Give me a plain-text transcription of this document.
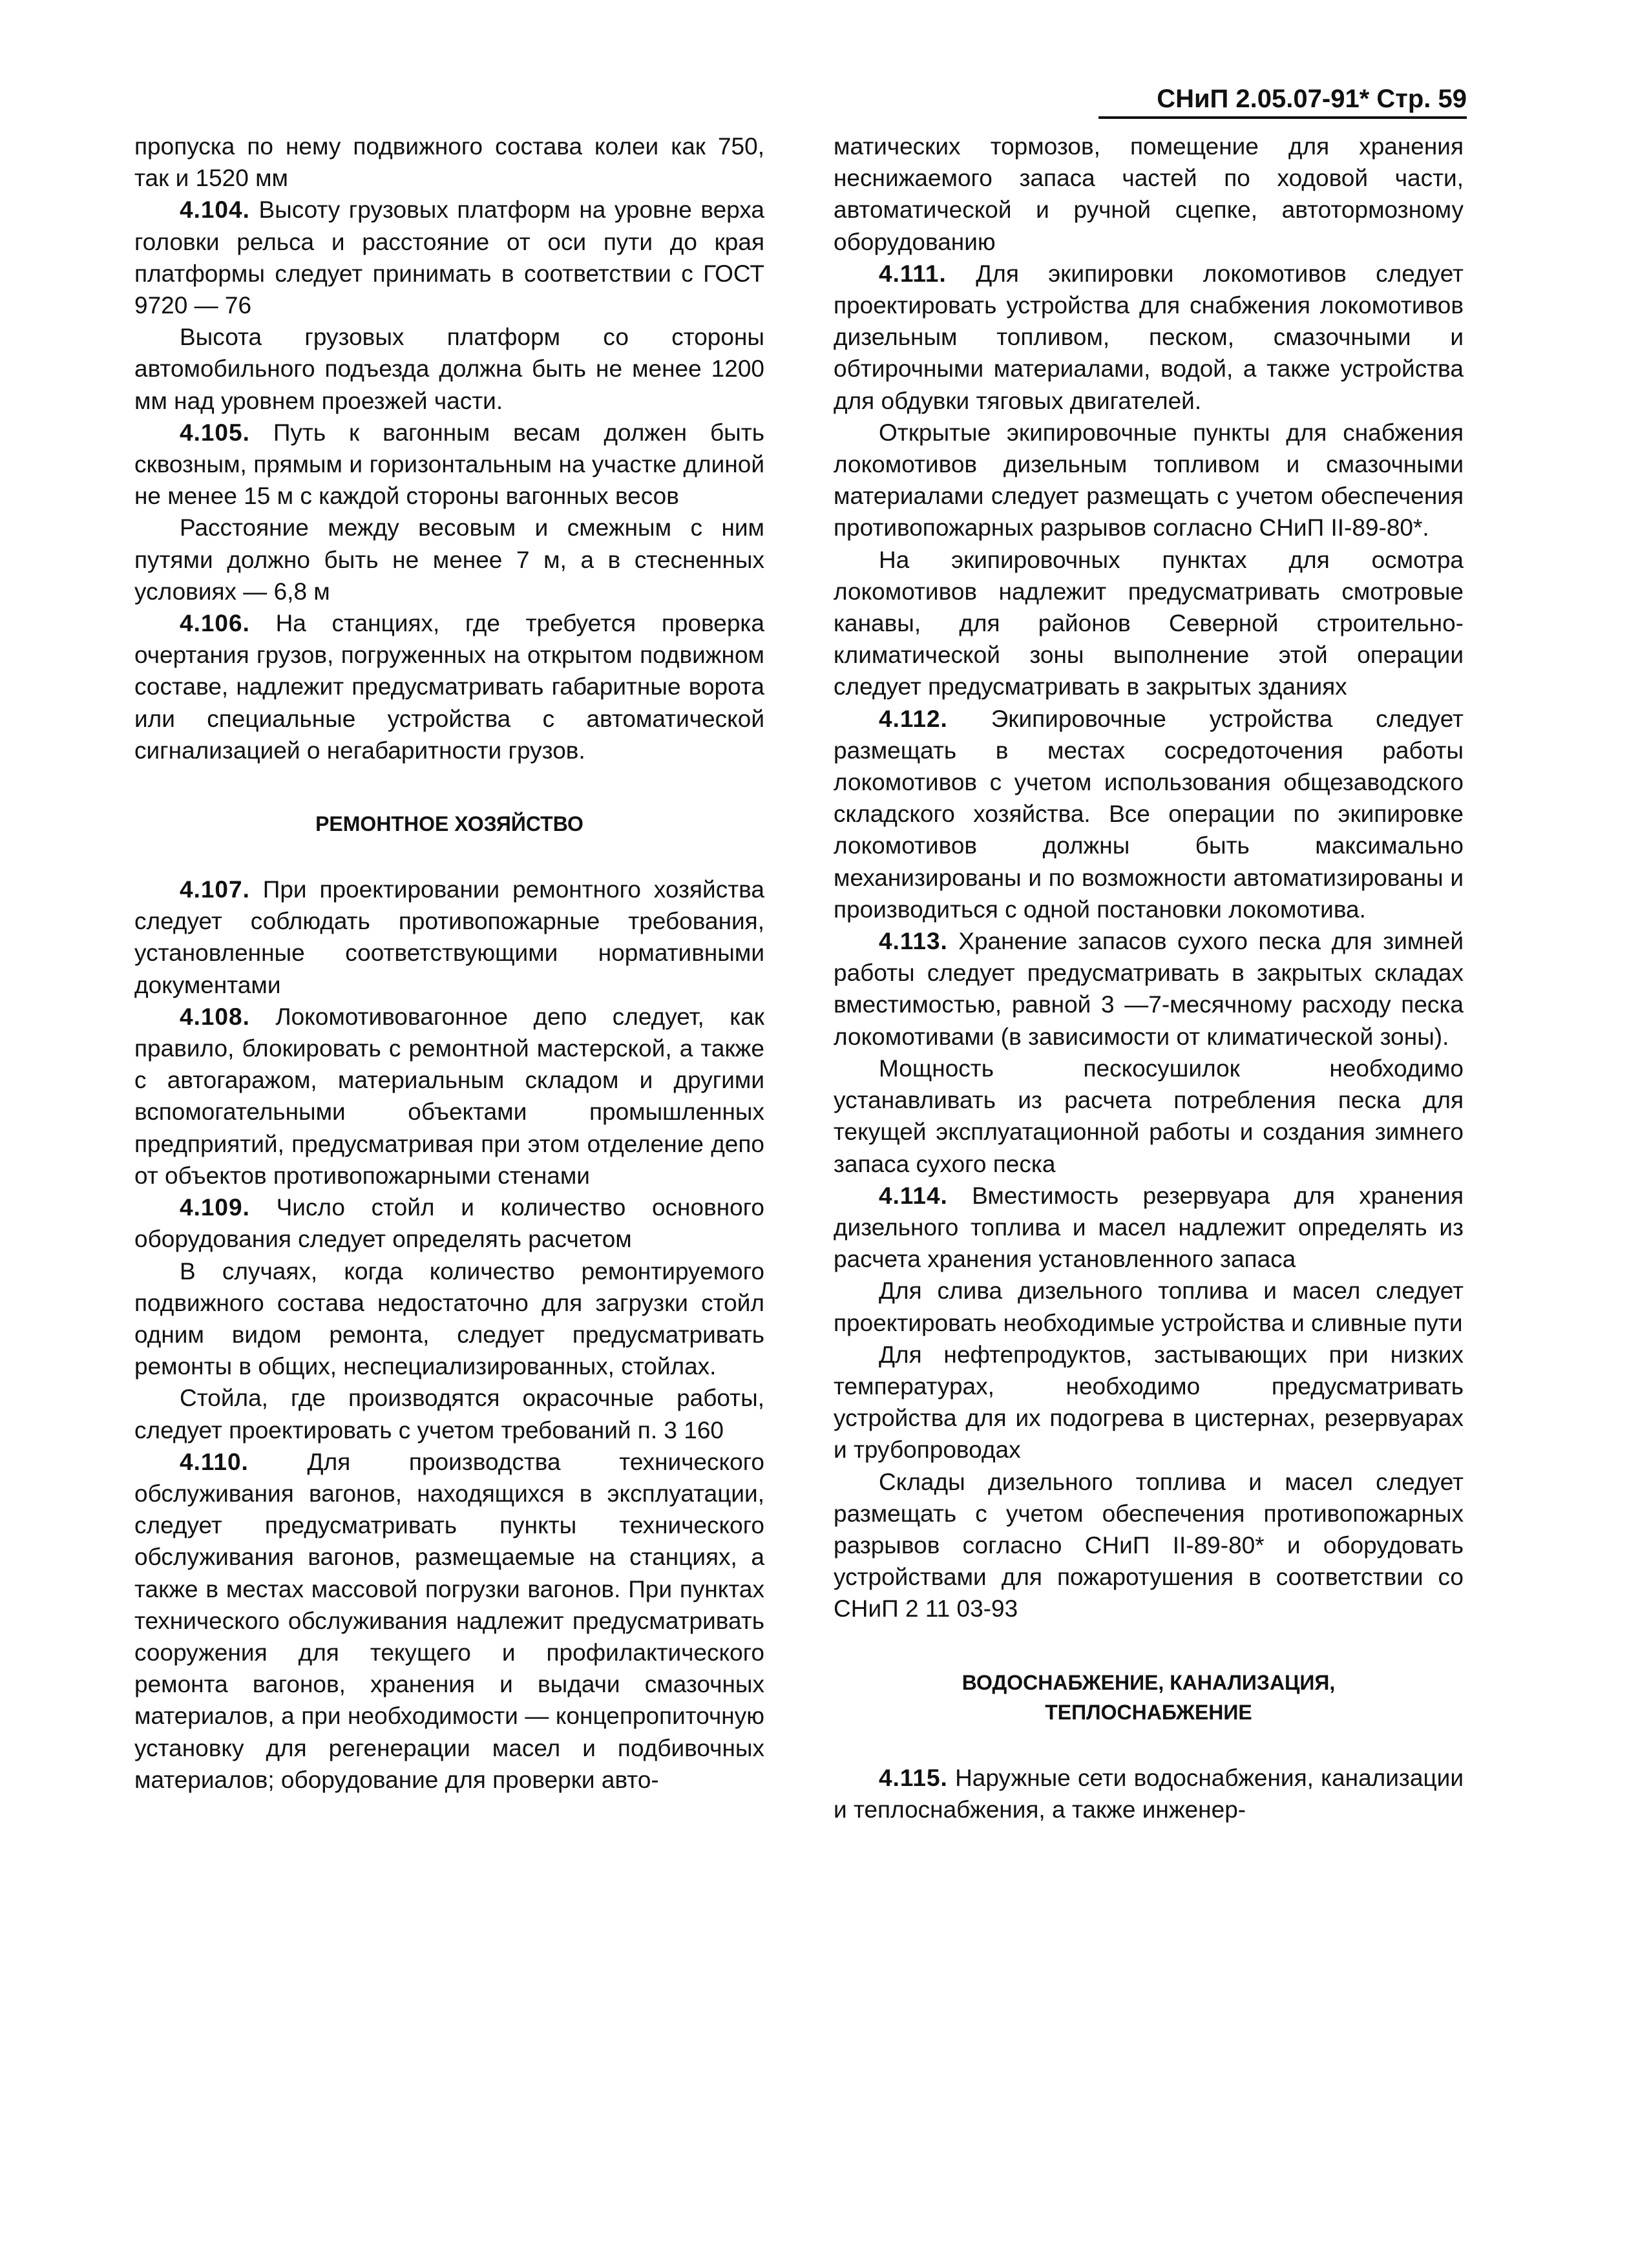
СНиП 2.05.07-91* Стр. 59

пропуска по нему подвижного состава колеи как 750, так и 1520 мм

4.104. Высоту грузовых платформ на уровне верха головки рельса и расстояние от оси пути до края платформы следует принимать в соответствии с ГОСТ 9720 — 76

Высота грузовых платформ со стороны автомобильного подъезда должна быть не менее 1200 мм над уровнем проезжей части.

4.105. Путь к вагонным весам должен быть сквозным, прямым и горизонтальным на участке длиной не менее 15 м с каждой стороны вагонных весов

Расстояние между весовым и смежным с ним путями должно быть не менее 7 м, а в стесненных условиях — 6,8 м

4.106. На станциях, где требуется проверка очертания грузов, погруженных на открытом подвижном составе, надлежит предусматривать габаритные ворота или специальные устройства с автоматической сигнализацией о негабаритности грузов.

РЕМОНТНОЕ ХОЗЯЙСТВО

4.107. При проектировании ремонтного хозяйства следует соблюдать противопожарные требования, установленные соответствующими нормативными документами

4.108. Локомотивовагонное депо следует, как правило, блокировать с ремонтной мастерской, а также с автогаражом, материальным складом и другими вспомогательными объектами промышленных предприятий, предусматривая при этом отделение депо от объектов противопожарными стенами

4.109. Число стойл и количество основного оборудования следует определять расчетом

В случаях, когда количество ремонтируемого подвижного состава недостаточно для загрузки стойл одним видом ремонта, следует предусматривать ремонты в общих, неспециализированных, стойлах.

Стойла, где производятся окрасочные работы, следует проектировать с учетом требований п. 3 160

4.110. Для производства технического обслуживания вагонов, находящихся в эксплуатации, следует предусматривать пункты технического обслуживания вагонов, размещаемые на станциях, а также в местах массовой погрузки вагонов. При пунктах технического обслуживания надлежит предусматривать сооружения для текущего и профилактического ремонта вагонов, хранения и выдачи смазочных материалов, а при необходимости — концепропиточную установку для регенерации масел и подбивочных материалов; оборудование для проверки авто-

матических тормозов, помещение для хранения неснижаемого запаса частей по ходовой части, автоматической и ручной сцепке, автотормозному оборудованию

4.111. Для экипировки локомотивов следует проектировать устройства для снабжения локомотивов дизельным топливом, песком, смазочными и обтирочными материалами, водой, а также устройства для обдувки тяговых двигателей.

Открытые экипировочные пункты для снабжения локомотивов дизельным топливом и смазочными материалами следует размещать с учетом обеспечения противопожарных разрывов согласно СНиП II-89-80*.

На экипировочных пунктах для осмотра локомотивов надлежит предусматривать смотровые канавы, для районов Северной строительно-климатической зоны выполнение этой операции следует предусматривать в закрытых зданиях

4.112. Экипировочные устройства следует размещать в местах сосредоточения работы локомотивов с учетом использования общезаводского складского хозяйства. Все операции по экипировке локомотивов должны быть максимально механизированы и по возможности автоматизированы и производиться с одной постановки локомотива.

4.113. Хранение запасов сухого песка для зимней работы следует предусматривать в закрытых складах вместимостью, равной 3 —7-месячному расходу песка локомотивами (в зависимости от климатической зоны).

Мощность пескосушилок необходимо устанавливать из расчета потребления песка для текущей эксплуатационной работы и создания зимнего запаса сухого песка

4.114. Вместимость резервуара для хранения дизельного топлива и масел надлежит определять из расчета хранения установленного запаса

Для слива дизельного топлива и масел следует проектировать необходимые устройства и сливные пути

Для нефтепродуктов, застывающих при низких температурах, необходимо предусматривать устройства для их подогрева в цистернах, резервуарах и трубопроводах

Склады дизельного топлива и масел следует размещать с учетом обеспечения противопожарных разрывов согласно СНиП II-89-80* и оборудовать устройствами для пожаротушения в соответствии со СНиП 2 11 03-93

ВОДОСНАБЖЕНИЕ, КАНАЛИЗАЦИЯ,
ТЕПЛОСНАБЖЕНИЕ

4.115. Наружные сети водоснабжения, канализации и теплоснабжения, а также инженер-
